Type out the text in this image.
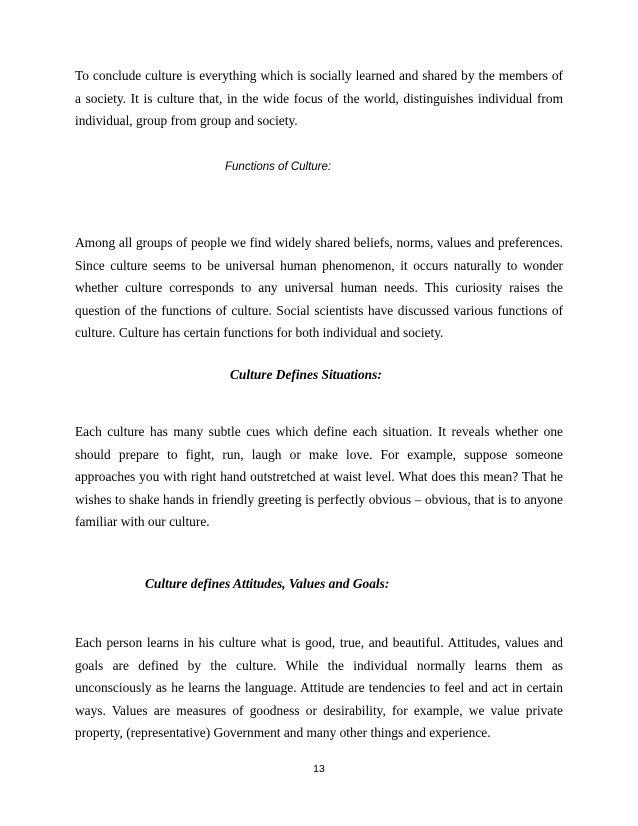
To conclude culture is everything which is socially learned and shared by the members of a society. It is culture that, in the wide focus of the world, distinguishes individual from individual, group from group and society.

Functions of Culture:

Among all groups of people we find widely shared beliefs, norms, values and preferences. Since culture seems to be universal human phenomenon, it occurs naturally to wonder whether culture corresponds to any universal human needs. This curiosity raises the question of the functions of culture. Social scientists have discussed various functions of culture. Culture has certain functions for both individual and society.

Culture Defines Situations:

Each culture has many subtle cues which define each situation. It reveals whether one should prepare to fight, run, laugh or make love. For example, suppose someone approaches you with right hand outstretched at waist level. What does this mean? That he wishes to shake hands in friendly greeting is perfectly obvious – obvious, that is to anyone familiar with our culture.

Culture defines Attitudes, Values and Goals:

Each person learns in his culture what is good, true, and beautiful. Attitudes, values and goals are defined by the culture. While the individual normally learns them as unconsciously as he learns the language. Attitude are tendencies to feel and act in certain ways. Values are measures of goodness or desirability, for example, we value private property, (representative) Government and many other things and experience.

13
